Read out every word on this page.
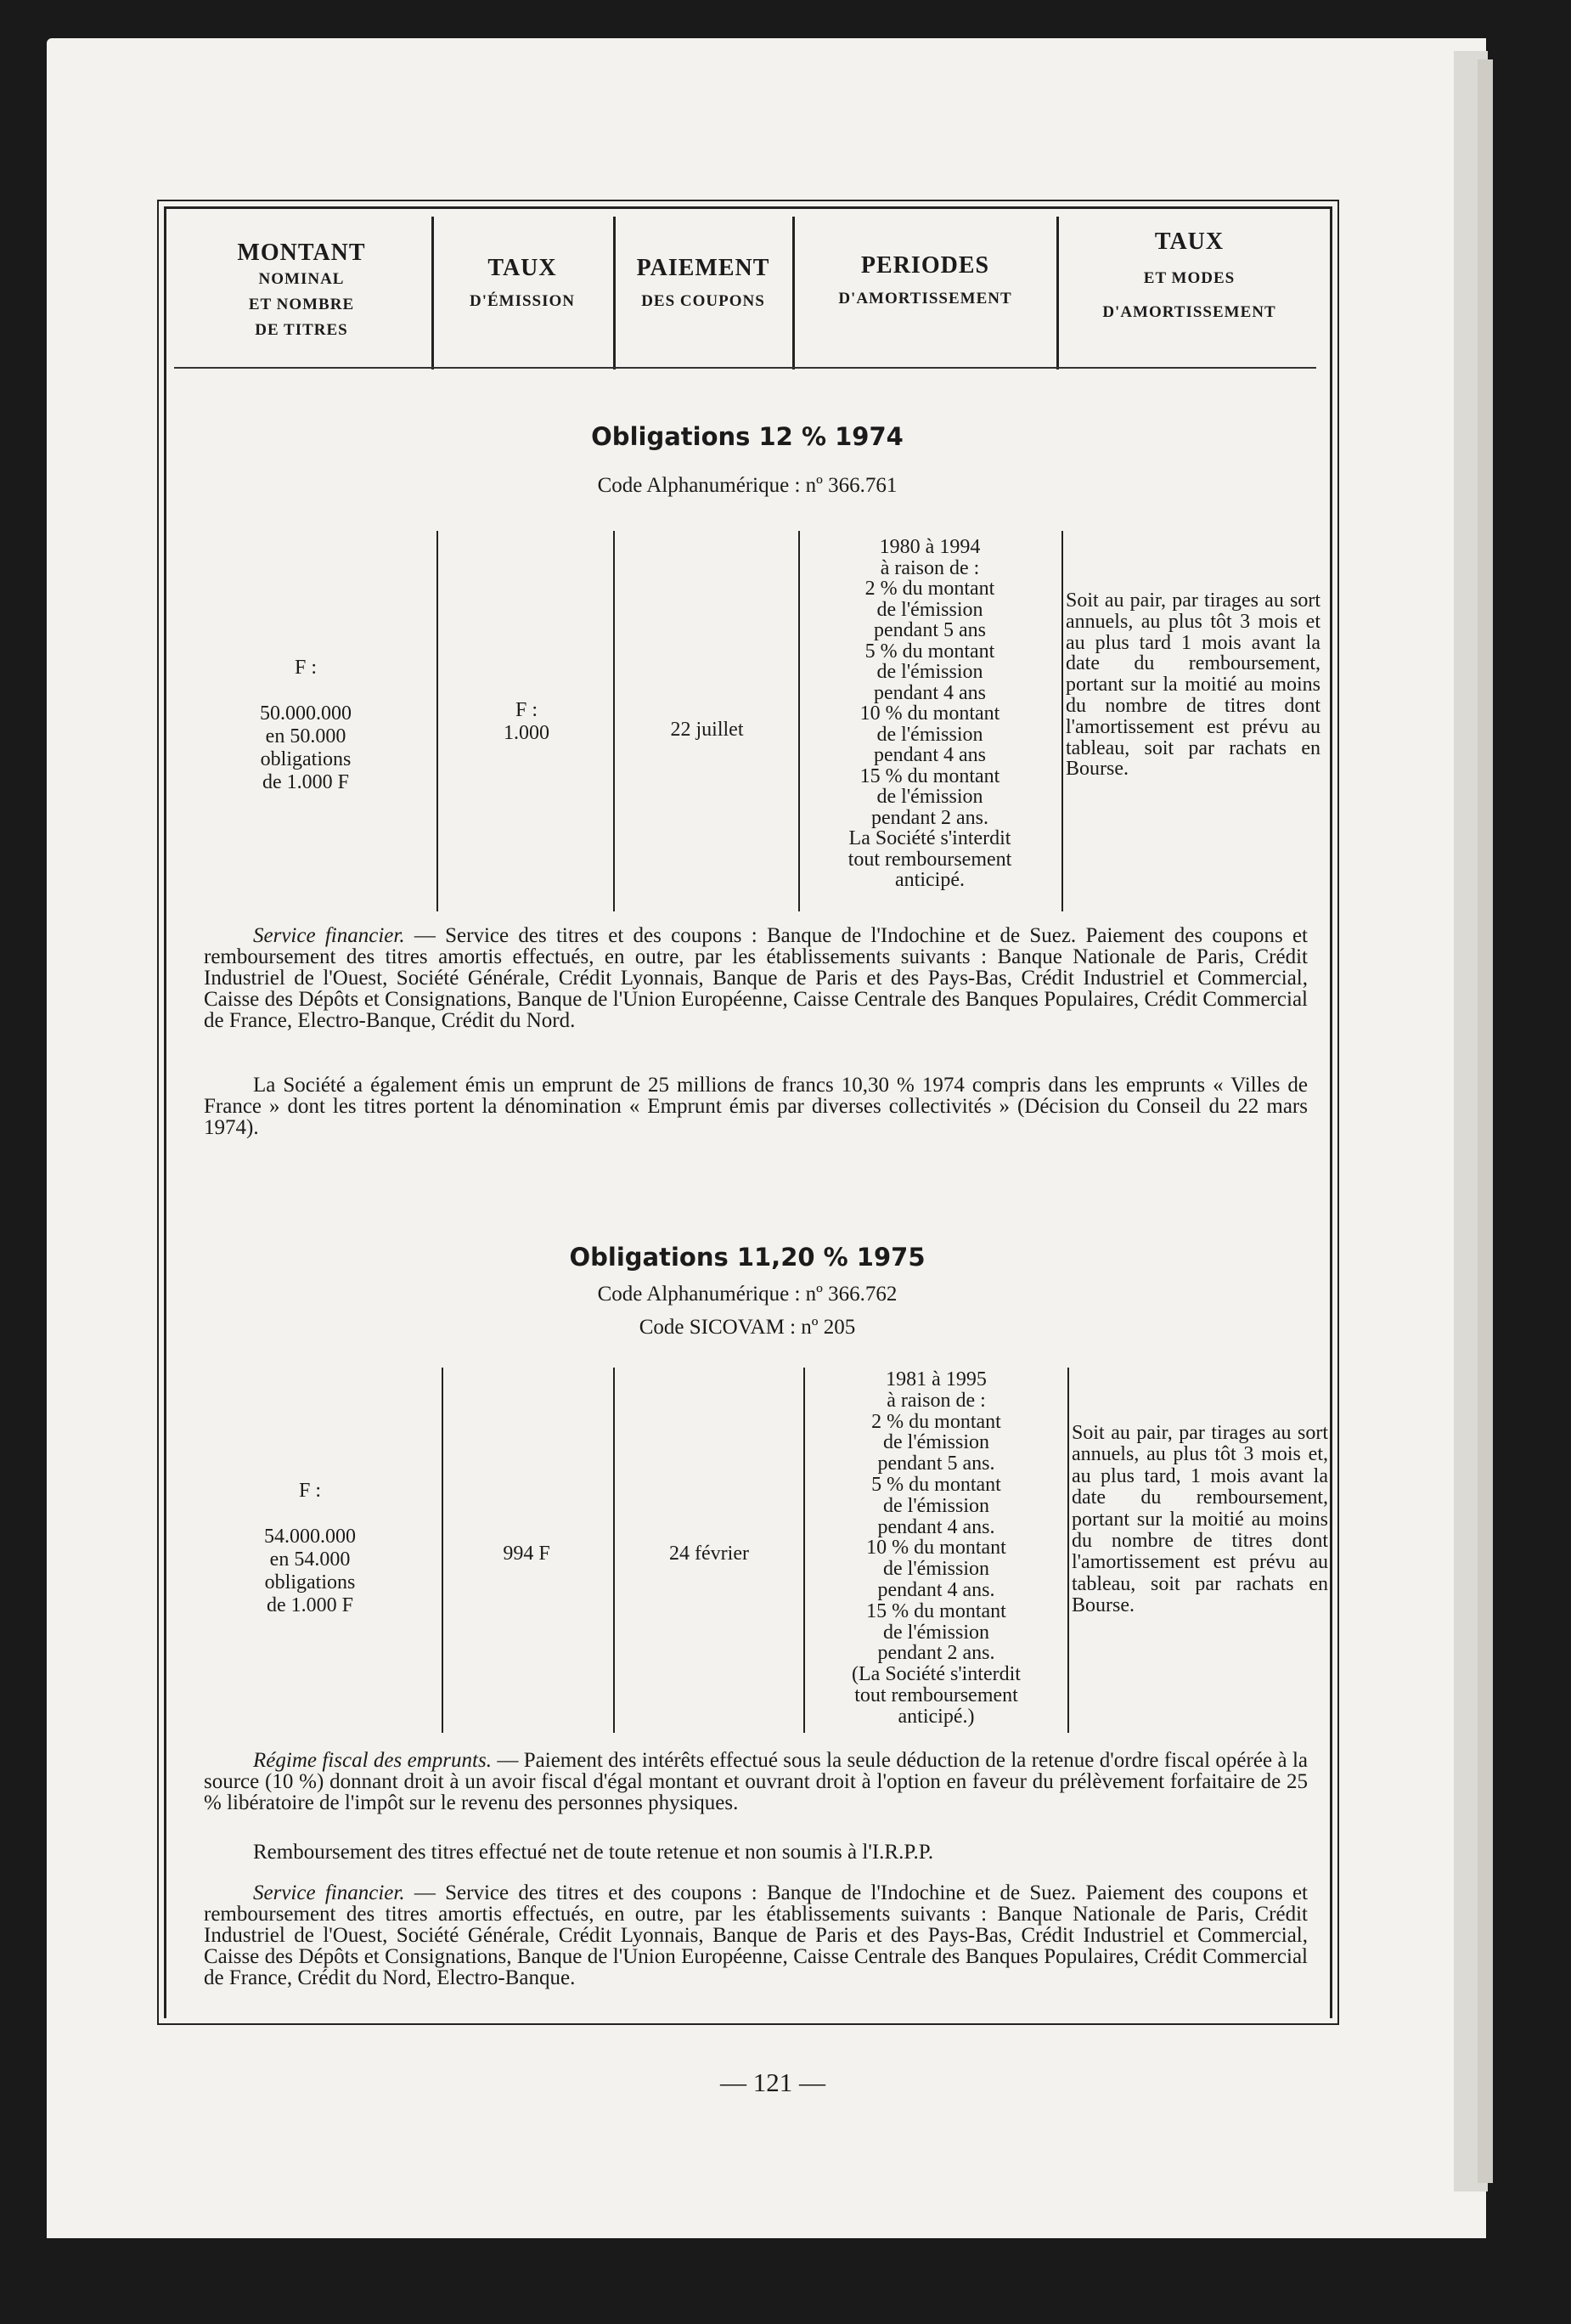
MONTANT
NOMINAL
ET NOMBRE
DE TITRES
TAUX
D'ÉMISSION
PAIEMENT
DES COUPONS
PERIODES
D'AMORTISSEMENT
TAUX
ET MODES
D'AMORTISSEMENT
Obligations 12 % 1974
Code Alphanumérique : nº 366.761
F :

50.000.000
en 50.000
obligations
de 1.000 F
F :
1.000	22 juillet
1980 à 1994
à raison de :
2 % du montant
de l'émission
pendant 5 ans
5 % du montant
de l'émission
pendant 4 ans
10 % du montant
de l'émission
pendant 4 ans
15 % du montant
de l'émission
pendant 2 ans.
La Société s'interdit
tout remboursement
anticipé.
Soit au pair, par tirages au sort annuels, au plus tôt 3 mois et au plus tard 1 mois avant la date du remboursement, portant sur la moitié au moins du nombre de titres dont l'amortissement est prévu au tableau, soit par rachats en Bourse.
Service financier. — Service des titres et des coupons : Banque de l'Indochine et de Suez. Paiement des coupons et remboursement des titres amortis effectués, en outre, par les établissements suivants : Banque Nationale de Paris, Crédit Industriel de l'Ouest, Société Générale, Crédit Lyonnais, Banque de Paris et des Pays-Bas, Crédit Industriel et Commercial, Caisse des Dépôts et Consignations, Banque de l'Union Européenne, Caisse Centrale des Banques Populaires, Crédit Commercial de France, Electro-Banque, Crédit du Nord.
La Société a également émis un emprunt de 25 millions de francs 10,30 % 1974 compris dans les emprunts « Villes de France » dont les titres portent la dénomination « Emprunt émis par diverses collectivités » (Décision du Conseil du 22 mars 1974).
Obligations 11,20 % 1975
Code Alphanumérique : nº 366.762
Code SICOVAM : nº 205
F :

54.000.000
en 54.000
obligations
de 1.000 F
994 F	24 février
1981 à 1995
à raison de :
2 % du montant
de l'émission
pendant 5 ans.
5 % du montant
de l'émission
pendant 4 ans.
10 % du montant
de l'émission
pendant 4 ans.
15 % du montant
de l'émission
pendant 2 ans.
(La Société s'interdit
tout remboursement
anticipé.)
Soit au pair, par tirages au sort annuels, au plus tôt 3 mois et, au plus tard, 1 mois avant la date du remboursement, portant sur la moitié au moins du nombre de titres dont l'amortissement est prévu au tableau, soit par rachats en Bourse.
Régime fiscal des emprunts. — Paiement des intérêts effectué sous la seule déduction de la retenue d'ordre fiscal opérée à la source (10 %) donnant droit à un avoir fiscal d'égal montant et ouvrant droit à l'option en faveur du prélèvement forfaitaire de 25 % libératoire de l'impôt sur le revenu des personnes physiques.
Remboursement des titres effectué net de toute retenue et non soumis à l'I.R.P.P.
Service financier. — Service des titres et des coupons : Banque de l'Indochine et de Suez. Paiement des coupons et remboursement des titres amortis effectués, en outre, par les établissements suivants : Banque Nationale de Paris, Crédit Industriel de l'Ouest, Société Générale, Crédit Lyonnais, Banque de Paris et des Pays-Bas, Crédit Industriel et Commercial, Caisse des Dépôts et Consignations, Banque de l'Union Européenne, Caisse Centrale des Banques Populaires, Crédit Commercial de France, Crédit du Nord, Electro-Banque.
— 121 —
